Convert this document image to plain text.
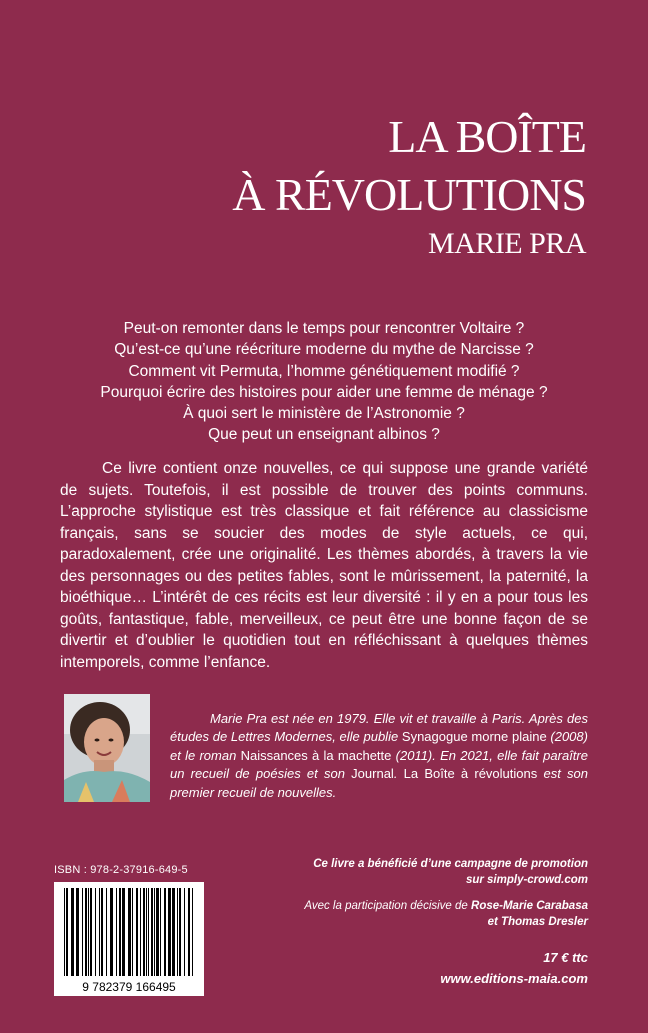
LA BOÎTE
À RÉVOLUTIONS
MARIE PRA
Peut-on remonter dans le temps pour rencontrer Voltaire ?
Qu’est-ce qu’une réécriture moderne du mythe de Narcisse ?
Comment vit Permuta, l’homme génétiquement modifié ?
Pourquoi écrire des histoires pour aider une femme de ménage ?
À quoi sert le ministère de l’Astronomie ?
Que peut un enseignant albinos ?

Ce livre contient onze nouvelles, ce qui suppose une grande variété de sujets. Toutefois, il est possible de trouver des points communs. L’approche stylistique est très classique et fait référence au classicisme français, sans se soucier des modes de style actuels, ce qui, paradoxalement, crée une originalité. Les thèmes abordés, à travers la vie des personnages ou des petites fables, sont le mûrissement, la paternité, la bioéthique… L’intérêt de ces récits est leur diversité : il y en a pour tous les goûts, fantastique, fable, merveilleux, ce peut être une bonne façon de se divertir et d’oublier le quotidien tout en réfléchissant à quelques thèmes intemporels, comme l’enfance.

Marie Pra est née en 1979. Elle vit et travaille à Paris. Après des études de Lettres Modernes, elle publie Synagogue morne plaine (2008) et le roman Naissances à la machette (2011). En 2021, elle fait paraître un recueil de poésies et son Journal. La Boîte à révolutions est son premier recueil de nouvelles.

ISBN : 978-2-37916-649-5
9 782379 166495
Ce livre a bénéficié d’une campagne de promotion
sur simply-crowd.com
Avec la participation décisive de Rose-Marie Carabasa
et Thomas Dresler
17 € ttc
www.editions-maia.com
